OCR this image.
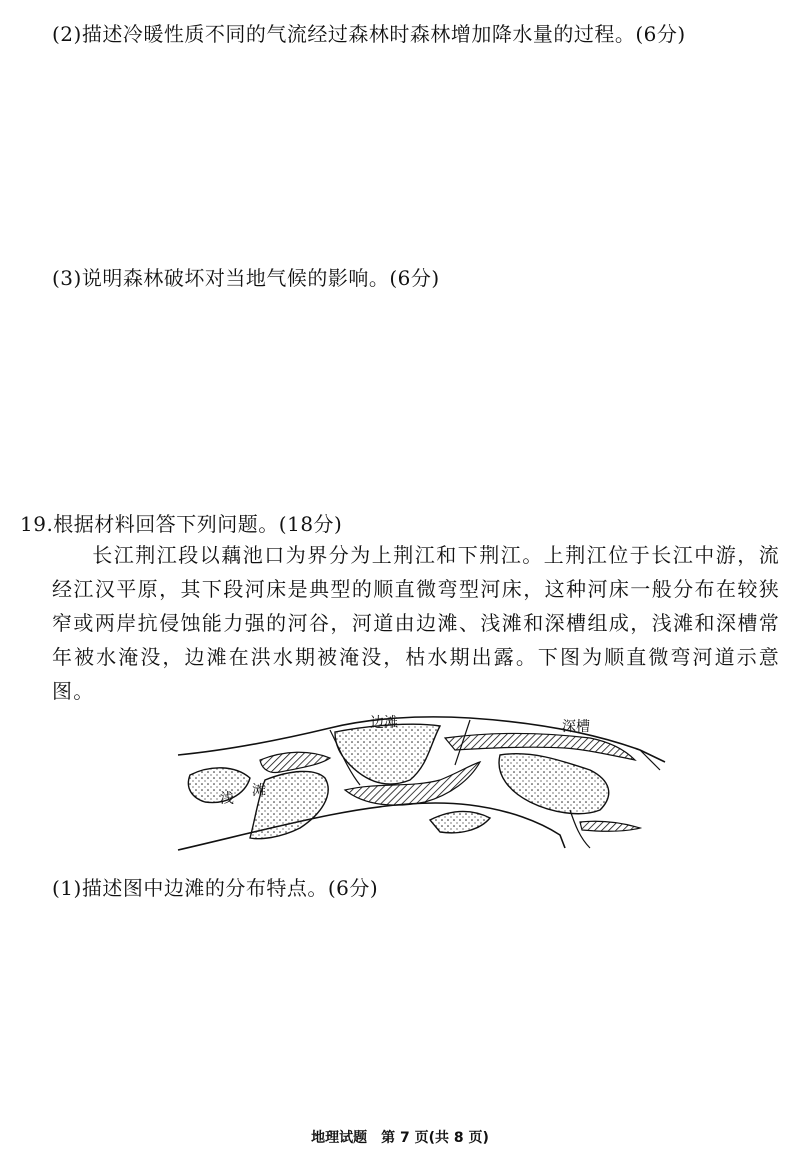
(2)描述冷暖性质不同的气流经过森林时森林增加降水量的过程。(6分)
(3)说明森林破坏对当地气候的影响。(6分)
19.根据材料回答下列问题。(18分)
长江荆江段以藕池口为界分为上荆江和下荆江。上荆江位于长江中游，流经江汉平原，其下段河床是典型的顺直微弯型河床，这种河床一般分布在较狭窄或两岸抗侵蚀能力强的河谷，河道由边滩、浅滩和深槽组成，浅滩和深槽常年被水淹没，边滩在洪水期被淹没，枯水期出露。下图为顺直微弯河道示意图。
边滩	深槽
浅 滩
(1)描述图中边滩的分布特点。(6分)
地理试题　第 7 页(共 8 页)
